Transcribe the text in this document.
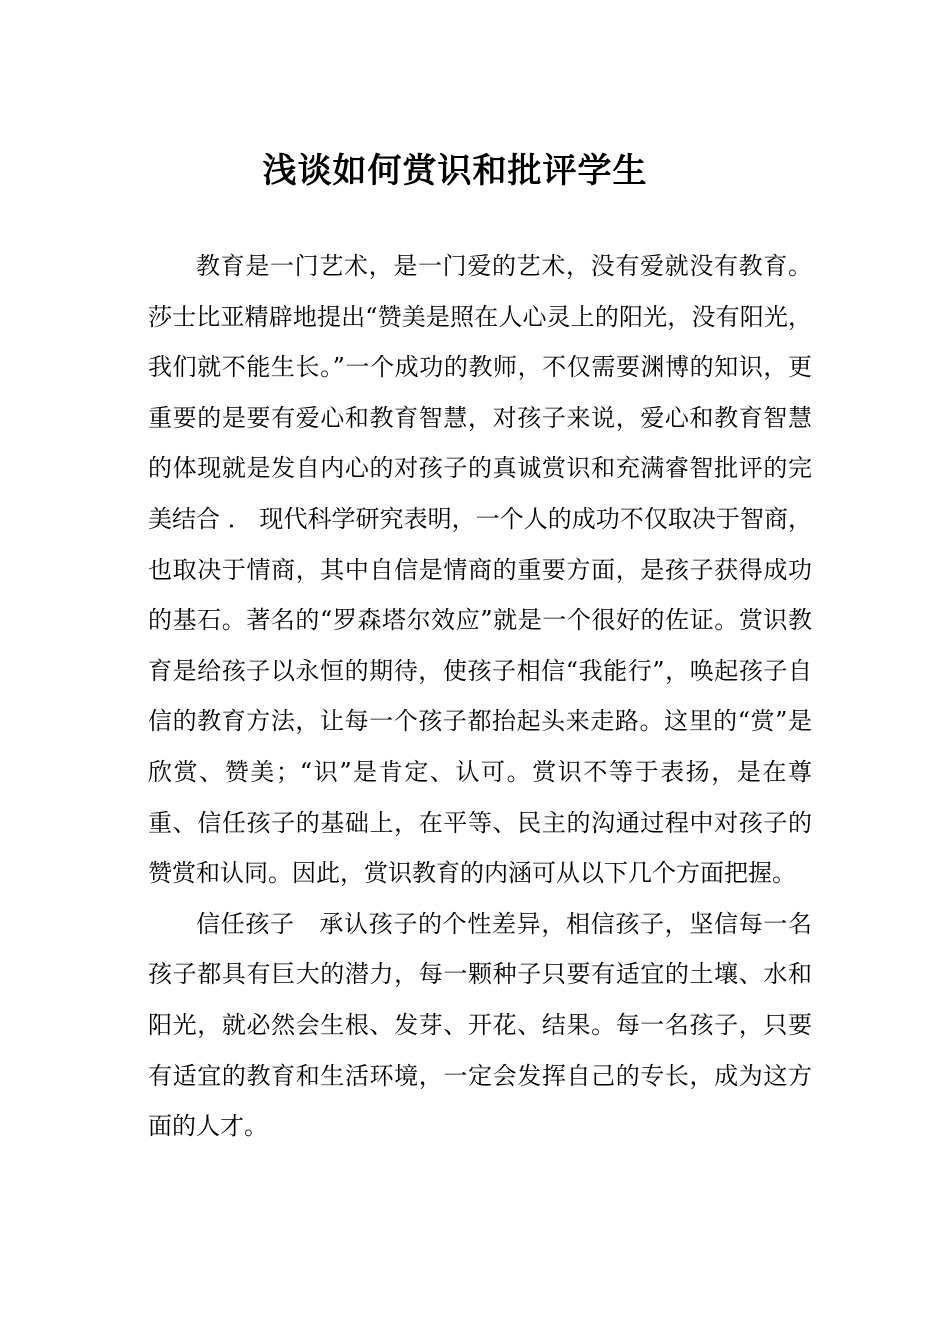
浅谈如何赏识和批评学生

教育是一门艺术，是一门爱的艺术，没有爱就没有教育。莎士比亚精辟地提出“赞美是照在人心灵上的阳光，没有阳光，我们就不能生长。”一个成功的教师，不仅需要渊博的知识，更重要的是要有爱心和教育智慧，对孩子来说，爱心和教育智慧的体现就是发自内心的对孩子的真诚赏识和充满睿智批评的完美结合 ． 现代科学研究表明，一个人的成功不仅取决于智商，也取决于情商，其中自信是情商的重要方面，是孩子获得成功的基石。著名的“罗森塔尔效应”就是一个很好的佐证。赏识教育是给孩子以永恒的期待，使孩子相信“我能行”，唤起孩子自信的教育方法，让每一个孩子都抬起头来走路。这里的“赏”是欣赏、赞美；“识”是肯定、认可。赏识不等于表扬，是在尊重、信任孩子的基础上，在平等、民主的沟通过程中对孩子的赞赏和认同。因此，赏识教育的内涵可从以下几个方面把握。

信任孩子　承认孩子的个性差异，相信孩子，坚信每一名孩子都具有巨大的潜力，每一颗种子只要有适宜的土壤、水和阳光，就必然会生根、发芽、开花、结果。每一名孩子，只要有适宜的教育和生活环境，一定会发挥自己的专长，成为这方面的人才。
